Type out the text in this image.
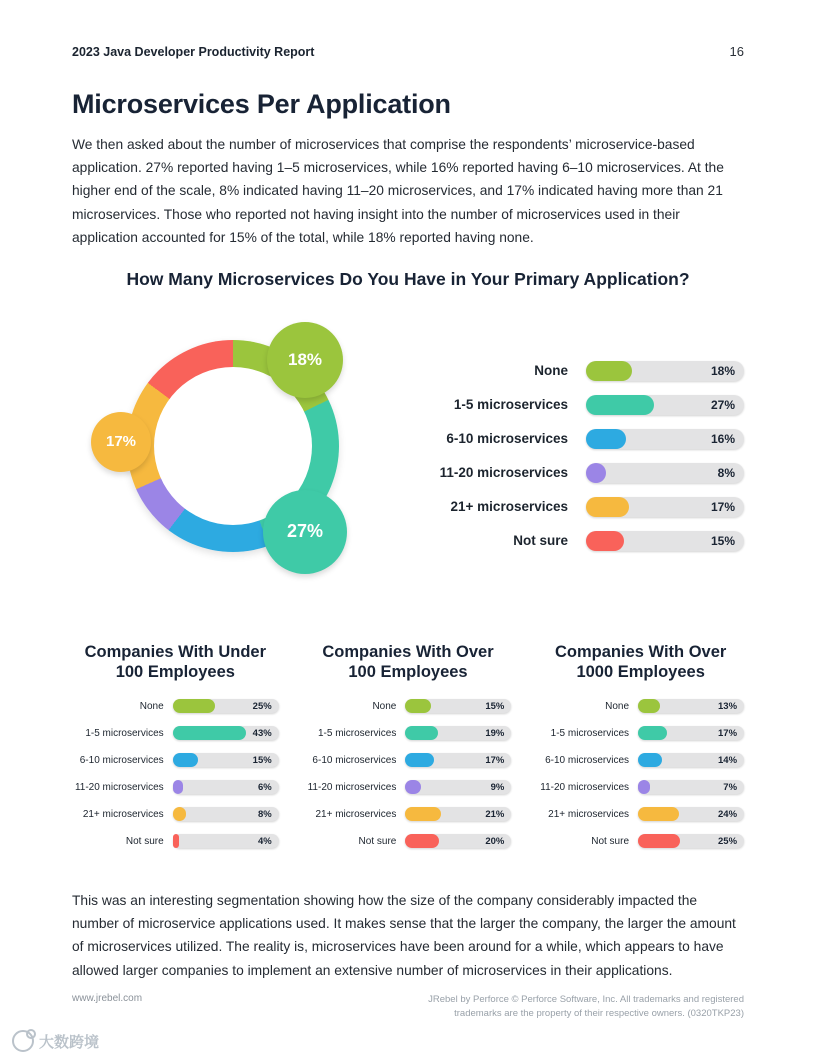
2023 Java Developer Productivity Report	16
Microservices Per Application

We then asked about the number of microservices that comprise the respondents’ microservice-based application. 27% reported having 1–5 microservices, while 16% reported having 6–10 microservices. At the higher end of the scale, 8% indicated having 11–20 microservices, and 17% indicated having more than 21 microservices. Those who reported not having insight into the number of microservices used in their application accounted for 15% of the total, while 18% reported having none.

How Many Microservices Do You Have in Your Primary Application?
18%
17%
27%
None	18%
1-5 microservices	27%
6-10 microservices	16%
11-20 microservices	8%
21+ microservices	17%
Not sure	15%
Companies With Under 100 Employees
None	25%
1-5 microservices	43%
6-10 microservices	15%
11-20 microservices	6%
21+ microservices	8%
Not sure	4%
Companies With Over 100 Employees
None	15%
1-5 microservices	19%
6-10 microservices	17%
11-20 microservices	9%
21+ microservices	21%
Not sure	20%
Companies With Over 1000 Employees
None	13%
1-5 microservices	17%
6-10 microservices	14%
11-20 microservices	7%
21+ microservices	24%
Not sure	25%

This was an interesting segmentation showing how the size of the company considerably impacted the number of microservice applications used. It makes sense that the larger the company, the larger the amount of microservices utilized. The reality is, microservices have been around for a while, which appears to have allowed larger companies to implement an extensive number of microservices in their applications.

www.jrebel.com	JRebel by Perforce © Perforce Software, Inc. All trademarks and registered
trademarks are the property of their respective owners. (0320TKP23)
大数跨境
